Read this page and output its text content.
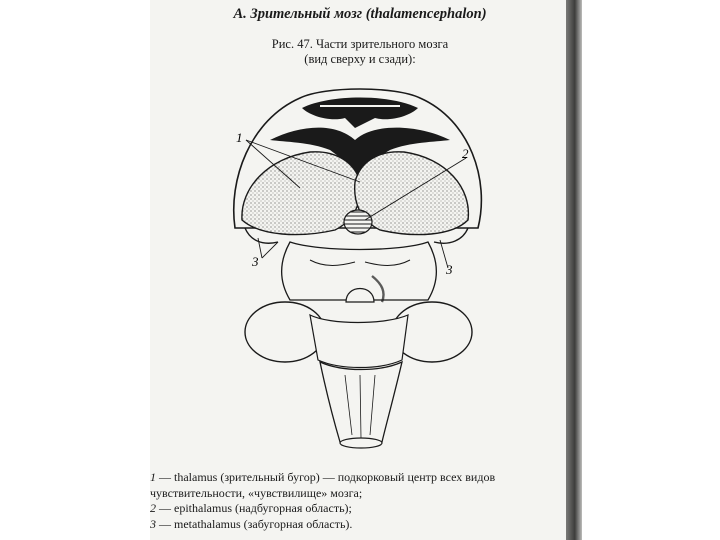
А. Зрительный мозг (thalamencephalon)
Рис. 47. Части зрительного мозга
(вид сверху и сзади):
1
2
3
3
1 — thalamus (зрительный бугор) — подкорковый центр всех видов
чувствительности, «чувствилище» мозга;
2 — epithalamus (надбугорная область);
3 — metathalamus (забугорная область).
